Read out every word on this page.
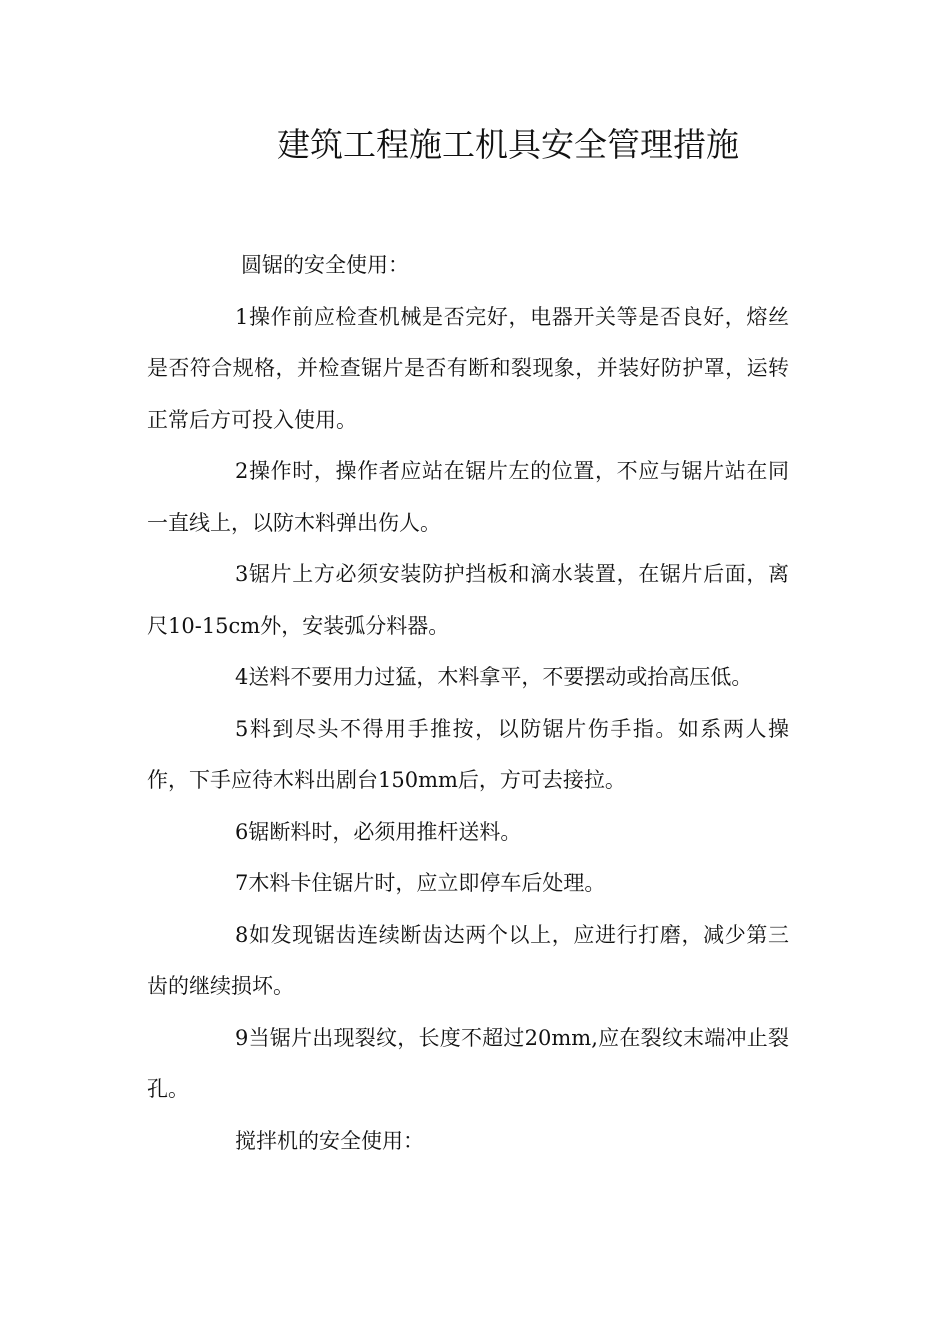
建筑工程施工机具安全管理措施

圆锯的安全使用：

1操作前应检查机械是否完好，电器开关等是否良好，熔丝是否符合规格，并检查锯片是否有断和裂现象，并装好防护罩，运转正常后方可投入使用。

2操作时，操作者应站在锯片左的位置，不应与锯片站在同一直线上，以防木料弹出伤人。

3锯片上方必须安装防护挡板和滴水装置，在锯片后面，离尺10-15cm外，安装弧分料器。

4送料不要用力过猛，木料拿平，不要摆动或抬高压低。

5料到尽头不得用手推按，以防锯片伤手指。如系两人操作，下手应待木料出剧台150mm后，方可去接拉。

6锯断料时，必须用推杆送料。

7木料卡住锯片时，应立即停车后处理。

8如发现锯齿连续断齿达两个以上，应进行打磨，减少第三齿的继续损坏。

9当锯片出现裂纹，长度不超过20mm,应在裂纹末端冲止裂孔。

搅拌机的安全使用：
